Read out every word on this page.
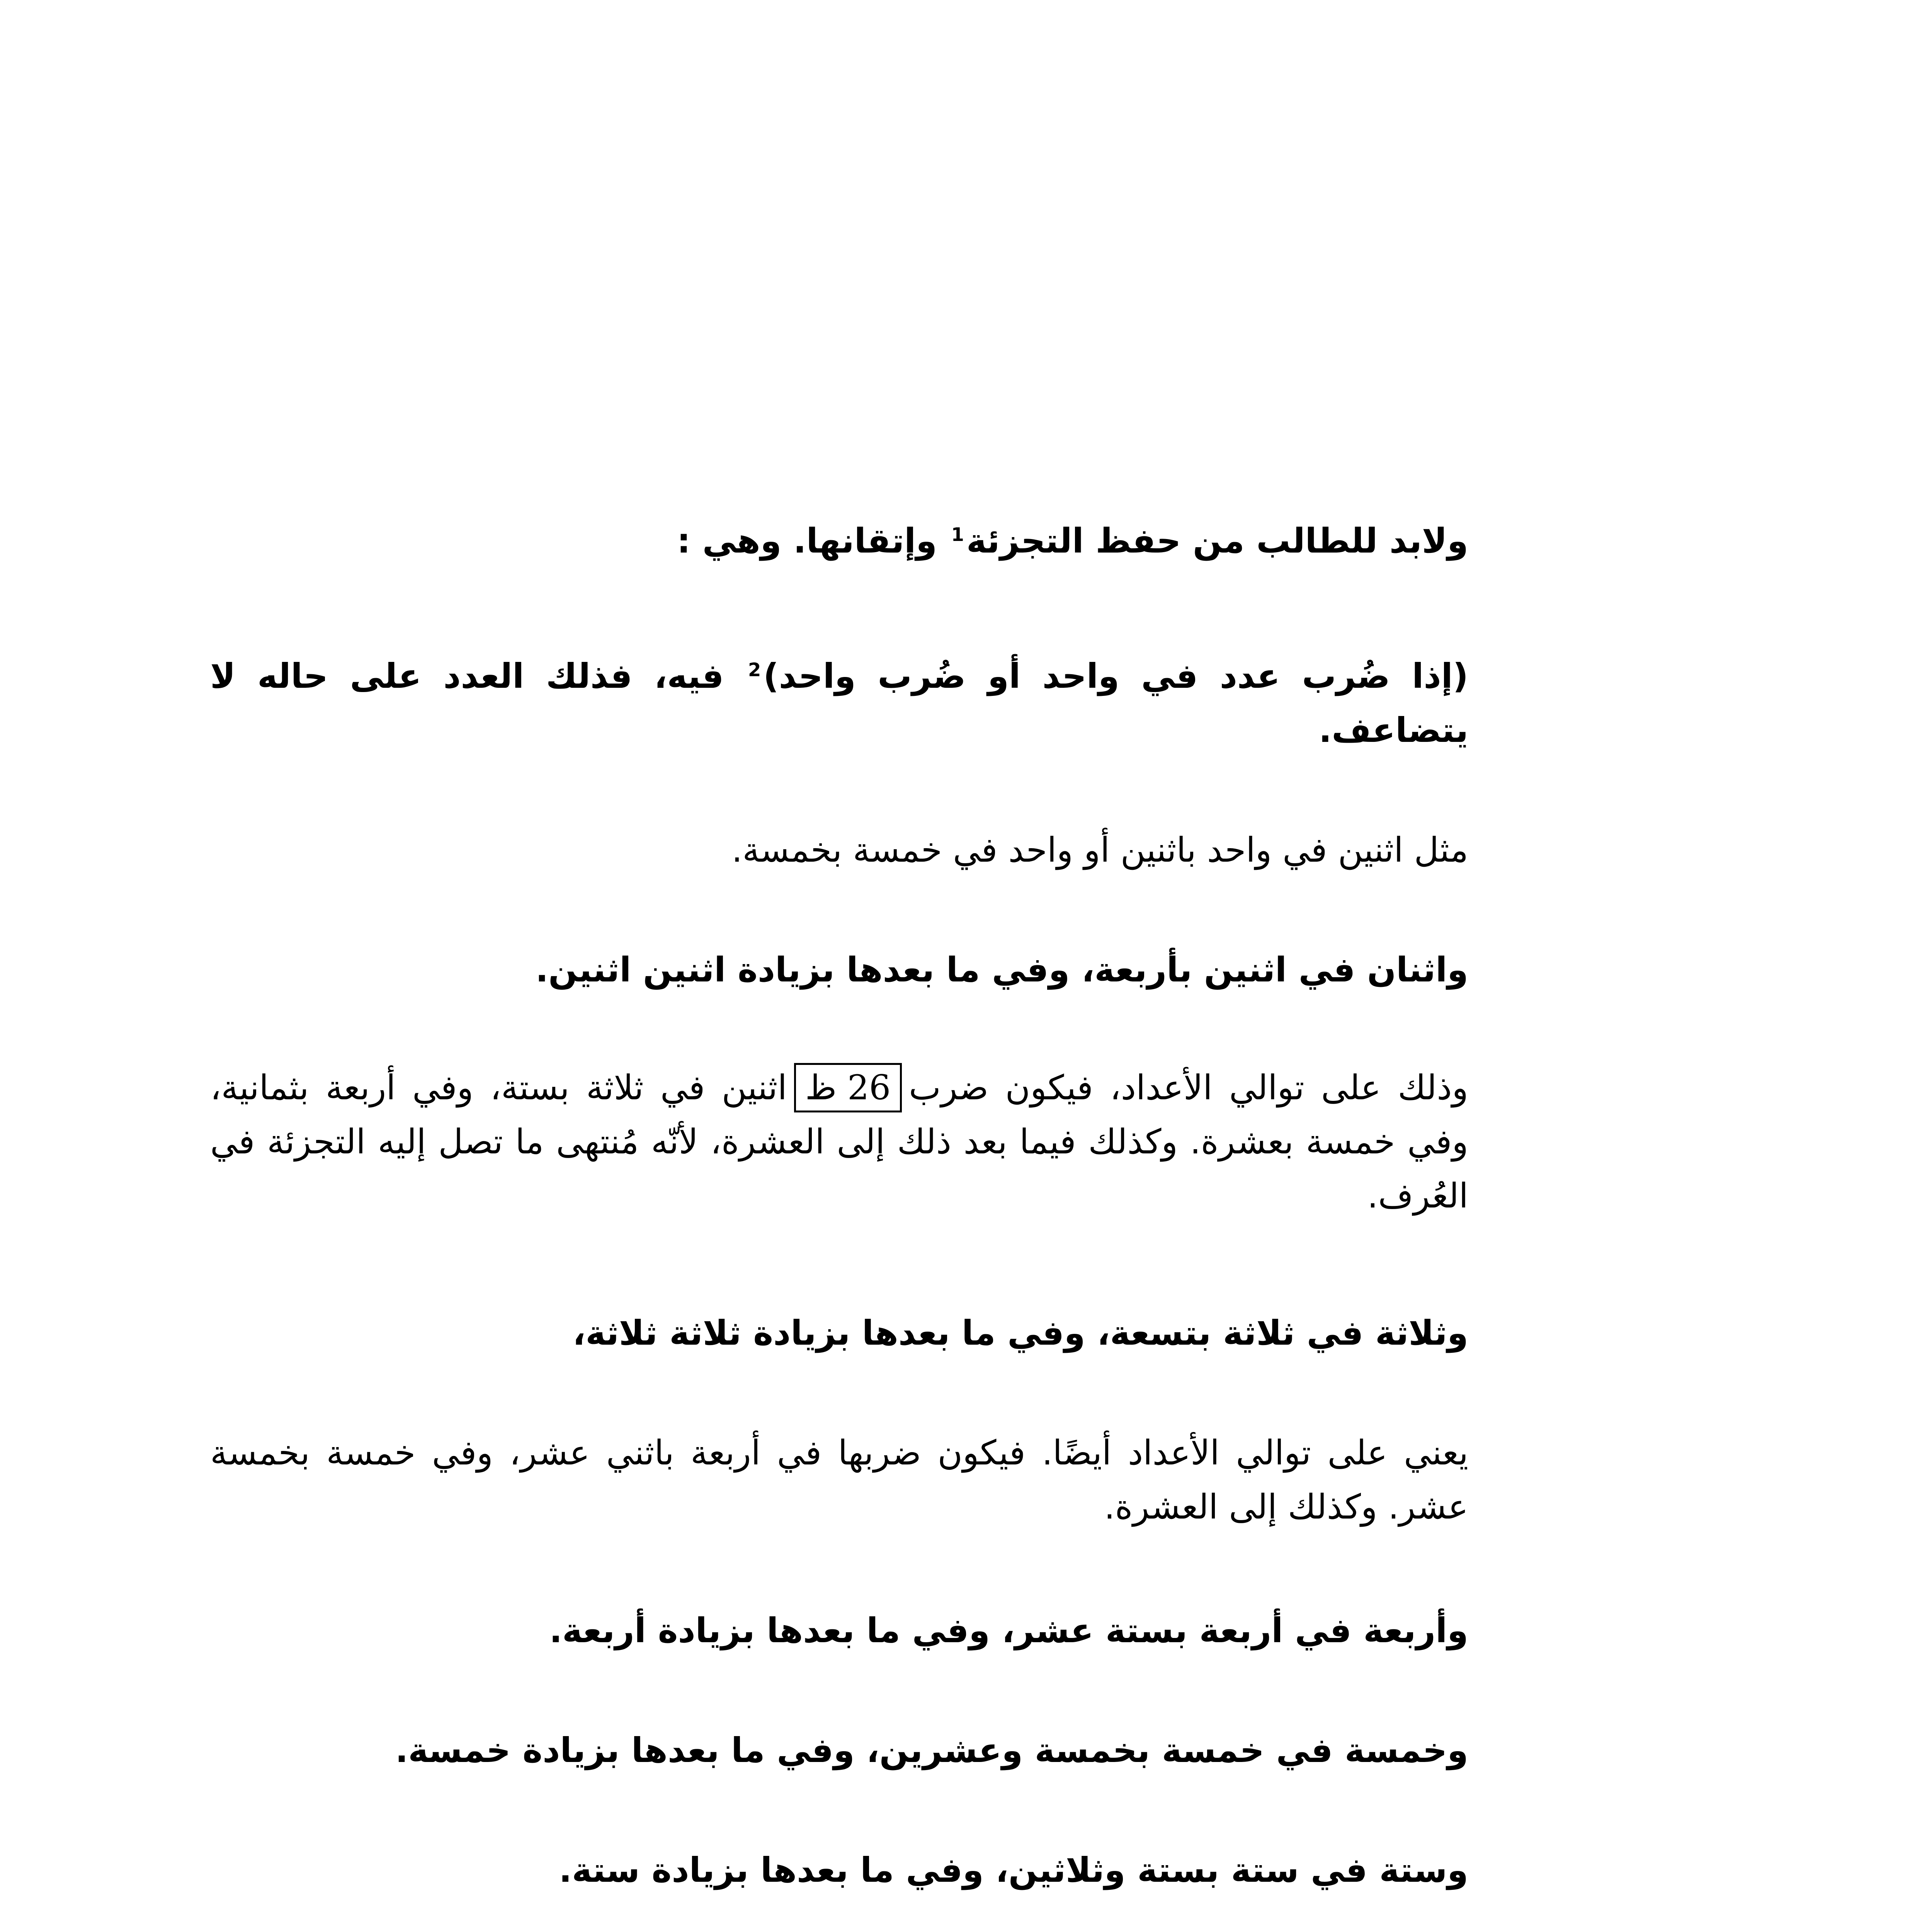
ولابد للطالب من حفظ التجزئة$^1$ وإتقانها. وهي :

(إذا ضُرب عدد في واحد أو ضُرب واحد)$^2$ فيه، فذلك العدد على حاله لا يتضاعف.

مثل اثنين في واحد باثنين أو واحد في خمسة بخمسة.

واثنان في اثنين بأربعة، وفي ما بعدها بزيادة اثنين اثنين.

وذلك على توالي الأعداد، فيكون ضرب26 ظاثنين في ثلاثة بستة، وفي أربعة بثمانية، وفي خمسة بعشرة. وكذلك فيما بعد ذلك إلى العشرة، لأنّه مُنتهى ما تصل إليه التجزئة في العُرف.

وثلاثة في ثلاثة بتسعة، وفي ما بعدها بزيادة ثلاثة ثلاثة،

يعني على توالي الأعداد أيضًا. فيكون ضربها في أربعة باثني عشر، وفي خمسة بخمسة عشر. وكذلك إلى العشرة.

وأربعة في أربعة بستة عشر، وفي ما بعدها بزيادة أربعة.

وخمسة في خمسة بخمسة وعشرين، وفي ما بعدها بزيادة خمسة.

وستة في ستة بستة وثلاثين، وفي ما بعدها بزيادة ستة.
